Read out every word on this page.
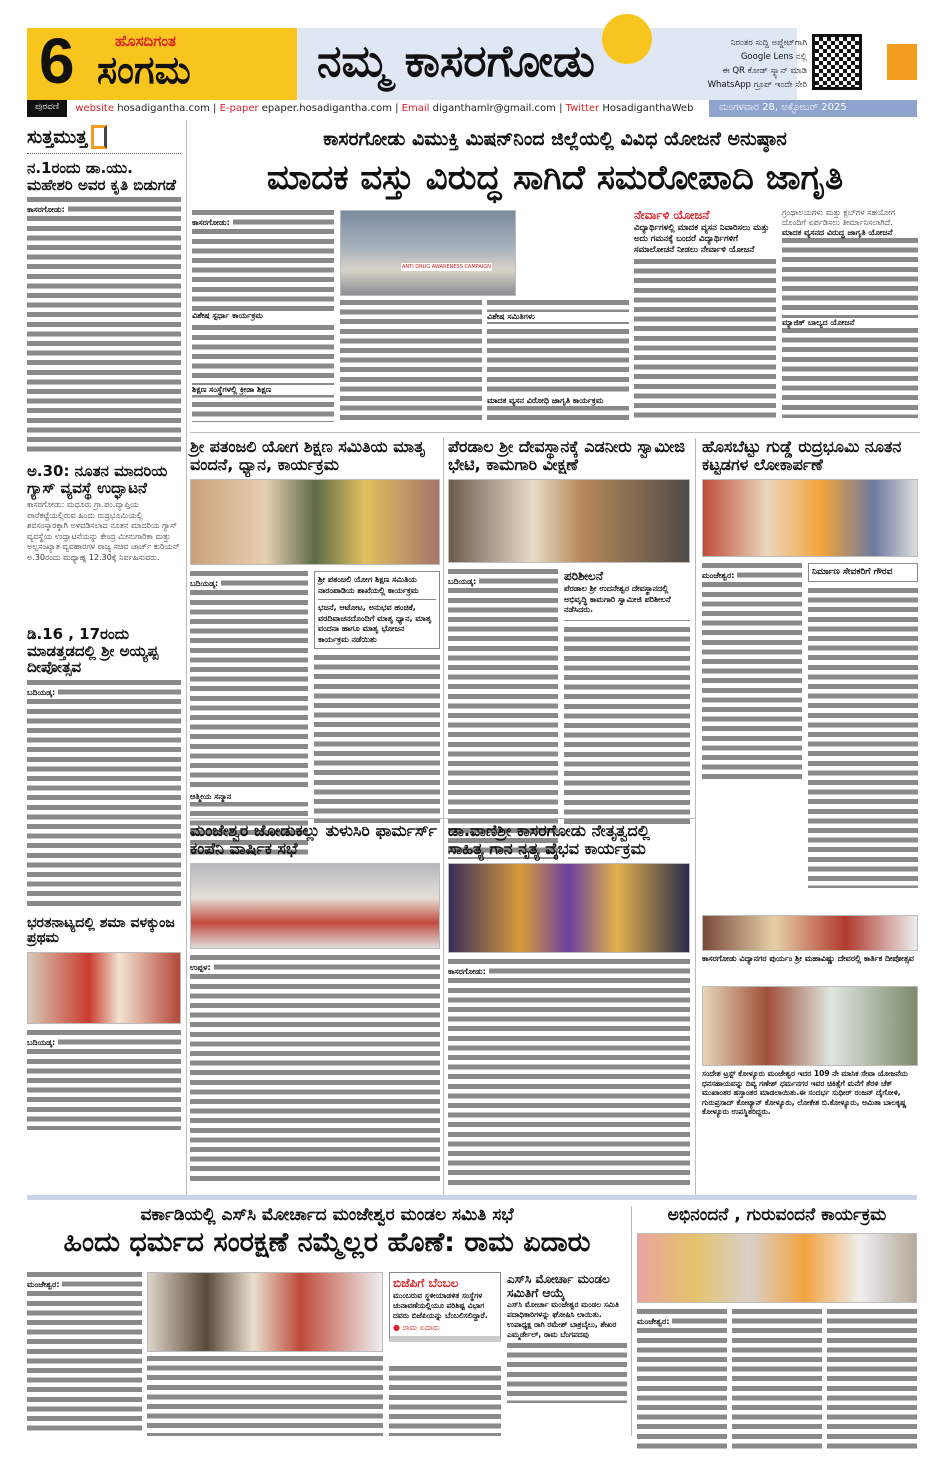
6	ಹೊಸದಿಗಂತ
ಸಂಗಮ	ನಮ್ಮ ಕಾಸರಗೋಡು	ನಿರಂತರ ಸುದ್ದಿ ಅಪ್ಡೇಟ್‌ಗಾಗಿ
Google Lens ನಲ್ಲಿ
ಈ QR ಕೋಡ್ ಸ್ಕ್ಯಾನ್ ಮಾಡಿ
WhatsApp ಗ್ರೂಪ್ ಇಂದೇ ಸೇರಿ
ಪುರವಣಿ	website hosadigantha.com | E-paper epaper.hosadigantha.com | Email diganthamlr@gmail.com | Twitter HosadiganthaWeb	ಮಂಗಳವಾರ 28, ಅಕ್ಟೋಬರ್ 2025
ಸುತ್ತಮುತ್ತ
ನ.1ರಂದು ಡಾ.ಯು. ಮಹೇಶರಿ ಅವರ ಕೃತಿ ಬಿಡುಗಡೆ
ಕಾಸರಗೋಡು:
ಅ.30: ನೂತನ ಮಾದರಿಯ ಗ್ಯಾಸ್ ವ್ಯವಸ್ಥೆ ಉದ್ಘಾಟನೆ
ಕಾಸರಗೋಡು: ಮಧೂರು ಗ್ರಾ.ಪಂ.ವ್ಯಾಪ್ತಿಯ ಪಾರೆಕಟ್ಟೆಯಲ್ಲಿರುವ ಹಿಂದು ರುದ್ರಭೂಮಿಯಲ್ಲಿ ಶವಸಂಸ್ಕಾರಕ್ಕಾಗಿ ಅಳವಡಿಸಲಾದ ನೂತನ ಮಾದರಿಯ ಗ್ಯಾಸ್ ವ್ಯವಸ್ಥೆಯ ಉದ್ಘಾಟನೆಯನ್ನು ಕೇಂದ್ರ ಮೀನುಗಾರಿಕಾ ಮತ್ತು ಅಲ್ಪಸಂಖ್ಯಾತ ವ್ಯವಹಾರಗಳ ರಾಜ್ಯ ಸಚಿವ ಜಾರ್ಜ್ ಕುರಿಯನ್ ಅ.30ರಂದು ಮಧ್ಯಾಹ್ನ 12.30ಕ್ಕೆ ನಿರ್ವಹಿಸುವರು.
ಡಿ.16 , 17ರಂದು ಮಾಡತ್ತಡದಲ್ಲಿ ಶ್ರೀ ಅಯ್ಯಪ್ಪ ದೀಪೋತ್ಸವ
ಬದಿಯಡ್ಕ:
ಭರತನಾಟ್ಯದಲ್ಲಿ ಶಮಾ ವಳಕ್ಕುಂಜ ಪ್ರಥಮ
ಬದಿಯಡ್ಕ:
ಕಾಸರಗೋಡು ವಿಮುಕ್ತಿ ಮಿಷನ್‌ನಿಂದ ಜಿಲ್ಲೆಯಲ್ಲಿ ವಿವಿಧ ಯೋಜನೆ ಅನುಷ್ಠಾನ
ಮಾದಕ ವಸ್ತು ವಿರುದ್ಧ ಸಾಗಿದೆ ಸಮರೋಪಾದಿ ಜಾಗೃತಿ
ಕಾಸರಗೋಡು:
ವಿಶೇಷ ಸ್ಪರ್ಧಾ ಕಾರ್ಯಕ್ರಮ
ಶಿಕ್ಷಣ ಸಂಸ್ಥೆಗಳಲ್ಲಿ ಕ್ರೀಡಾ ಶಿಕ್ಷಣ
ANTI DRUG AWARENESS CAMPAIGN
ವಿಶೇಷ ಸಮಿತಿಗಳು
ಮಾದಕ ವ್ಯಸನ ವಿರೋಧಿ ಜಾಗೃತಿ ಕಾರ್ಯಕ್ರಮ
ನೇರ್ವಾಳಿ ಯೋಜನೆ
ವಿದ್ಯಾರ್ಥಿಗಳಲ್ಲಿ ಮಾದಕ ವ್ಯಸನ ನಿವಾರಿಸಲು ಮತ್ತು ಅದು ಗಮನಕ್ಕೆ ಬಂದರೆ ವಿದ್ಯಾರ್ಥಿಗಳಿಗೆ ಸಮಾಲೋಚನೆ ನೀಡಲು ನೇರ್ವಾಳಿ ಯೋಜನೆ
ಗ್ರಂಥಾಲಯಗಳು ಮತ್ತು ಕ್ಲಬ್‌ಗಳ ಸಹಯೋಗ ದೊಂದಿಗೆ ಏರ್ಪಡಿಸಲು ತೀರ್ಮಾನಿಸಲಾಗಿದೆ.
ಮಾದಕ ವ್ಯಸನದ ವಿರುದ್ಧ ಜಾಗೃತಿ ಯೋಜನೆ
ಮ್ಯಾಜಿಕ್ ಬಾಲ್ಯದ ಯೋಜನೆ
ಶ್ರೀ ಪತಂಜಲಿ ಯೋಗ ಶಿಕ್ಷಣ ಸಮಿತಿಯ ಮಾತೃ ವಂದನೆ, ಧ್ಯಾನ, ಕಾರ್ಯಕ್ರಮ
ಬದಿಯಡ್ಕ:
ಆತ್ಮೀಯ ಸನ್ಮಾನ
ಶ್ರೀ ಪತಂಜಲಿ ಯೋಗ ಶಿಕ್ಷಣ ಸಮಿತಿಯ ನಾರಂಪಾಡಿಯ ಶಾಖೆಯಲ್ಲಿ ಕಾರ್ಯಕ್ರಮ
ಭಜನೆ, ಆಟೋಟ, ಅನುಭವ ಹಂಚಿಕೆ, ವರದಿವಾಚನದೊಂದಿಗೆ ಮಾತೃ ಧ್ಯಾನ, ಮಾತೃ ವಂದನಾ ಹಾಗೂ ಮಾತೃ ಭೋಜನ ಕಾರ್ಯಕ್ರಮ ನಡೆಯಿತು
ಪೆರಡಾಲ ಶ್ರೀ ದೇವಸ್ಥಾನಕ್ಕೆ ಎಡನೀರು ಸ್ವಾಮೀಜಿ ಭೇಟಿ, ಕಾಮಗಾರಿ ವೀಕ್ಷಣೆ
ಬದಿಯಡ್ಕ:	ಪರಿಶೀಲನೆ
ಪೆರಡಾಲ ಶ್ರೀ ಉದನೇಶ್ವರ ದೇವಸ್ಥಾನದಲ್ಲಿ ಅಭಿವೃದ್ಧಿ ಕಾಮಗಾರಿ ಸ್ವಾಮೀಜಿ ಪರಿಶೀಲನೆ ನಡೆಸಿದರು.
ಹೊಸಬೆಟ್ಟು ಗುಡ್ಡೆ ರುದ್ರಭೂಮಿ ನೂತನ ಕಟ್ಟಡಗಳ ಲೋಕಾರ್ಪಣೆ
ಮಂಜೇಶ್ವರ:	ನಿರ್ಮಾಣ ಸೇವಕರಿಗೆ ಗೌರವ
ಮಂಜೇಶ್ವರ ಜೋಡುಕಲ್ಲು ತುಳುಸಿರಿ ಫಾರ್ಮರ್ಸ್ ಕಂಪೆನಿ ವಾರ್ಷಿಕ ಸಭೆ
ಉಪ್ಪಳ:
ಡಾ.ವಾಣಿಶ್ರೀ ಕಾಸರಗೋಡು ನೇತೃತ್ವದಲ್ಲಿ ಸಾಹಿತ್ಯ ಗಾನ ನೃತ್ಯ ವೈಭವ ಕಾರ್ಯಕ್ರಮ
ಕಾಸರಗೋಡು:
ಕಾಸರಗೋಡು ವಿದ್ಯಾನಗರ ಪುರ್ಯಂ ಶ್ರೀ ಮಹಾವಿಷ್ಣು ದೇವರಲ್ಲಿ ಕಾರ್ತಿಕ ದೀಪೋತ್ಸವ
ಸಂದೇಶ ಟ್ರಸ್ಟ್ ಕೋಳ್ಯೂರು ಮಂಜೇಶ್ವರ ಇದರ 109 ನೇ ಮಾಸಿಕ ಸೇವಾ ಯೋಜನೆಯ ಧನಸಹಾಯವನ್ನು ದಿವ್ಯ ಗಣೇಶ್ ಧರ್ಮನಗರ ಇವರ ಚಿಕಿತ್ಸೆಗೆ ಮನೆಗೆ ತೆರಳಿ ಚೆಕ್ ಮುಖಾಂತರ ಹಸ್ತಾಂತರ ಮಾಡಲಾಯಿತು.ಈ ಸಂದರ್ಭ ಸುಧೀರ್ ರಂಜನ್ ದೈಗೋಳಿ, ಗುರುಪ್ರಸಾದ್ ಕೋಟ್ಯಾನ್ ಕೋಳ್ಯೂರು, ಲೋಕೇಶ ಬಿ.ಕೋಳ್ಯೂರು, ಅಮಿತಾ ಬಾಲಕೃಷ್ಣ ಕೋಳ್ಯೂರು ಉಪಸ್ಥಿತರಿದ್ದರು.
ವರ್ಕಾಡಿಯಲ್ಲಿ ಎಸ್‌ಸಿ ಮೋರ್ಚಾದ ಮಂಜೇಶ್ವರ ಮಂಡಲ ಸಮಿತಿ ಸಭೆ
ಹಿಂದು ಧರ್ಮದ ಸಂರಕ್ಷಣೆ ನಮ್ಮೆಲ್ಲರ ಹೊಣೆ: ರಾಮ ಏದಾರು
ಮಂಜೇಶ್ವರ:	ಬಿಜೆಪಿಗೆ ಬೆಂಬಲ
ಮುಂಬರುವ ಸ್ಥಳೀಯಾಡಳಿತ ಸಂಸ್ಥೆಗಳ ಚುನಾವಣೆಯಲ್ಲಿಯೂ ಪರಿಶಿಷ್ಟ ವಿಭಾಗ ದವರು ಬಿಜೆಪಿಯನ್ನು ಬೆಂಬಲಿಸಲಿದ್ದಾರೆ.
● ರಾಮ ಏದಾರು
ಎಸ್‌ಸಿ ಮೋರ್ಚಾ ಮಂಡಲ ಸಮಿತಿಗೆ ಆಯ್ಕೆ
ಎಸ್‌ಸಿ ಮೋರ್ಚಾ ಮಂಜೇಶ್ವರ ಮಂಡಲ ಸಮಿತಿ ಪದಾಧಿಕಾರಿಗಳನ್ನು ಘೋಷಿಸಿ ಲಾಯಿತು. ಉಪಾಧ್ಯಕ್ಷ ರಾಗಿ ರಮೇಶ್ ಬಾಕ್ರಬೈಲು, ಶೇಖರ ಎಮ್ಮರ್ಡೇಲ್, ರಾಮ ಬೆಂಗಪದವು
ಅಭಿನಂದನೆ , ಗುರುವಂದನೆ ಕಾರ್ಯಕ್ರಮ
ಮಂಜೇಶ್ವರ:
